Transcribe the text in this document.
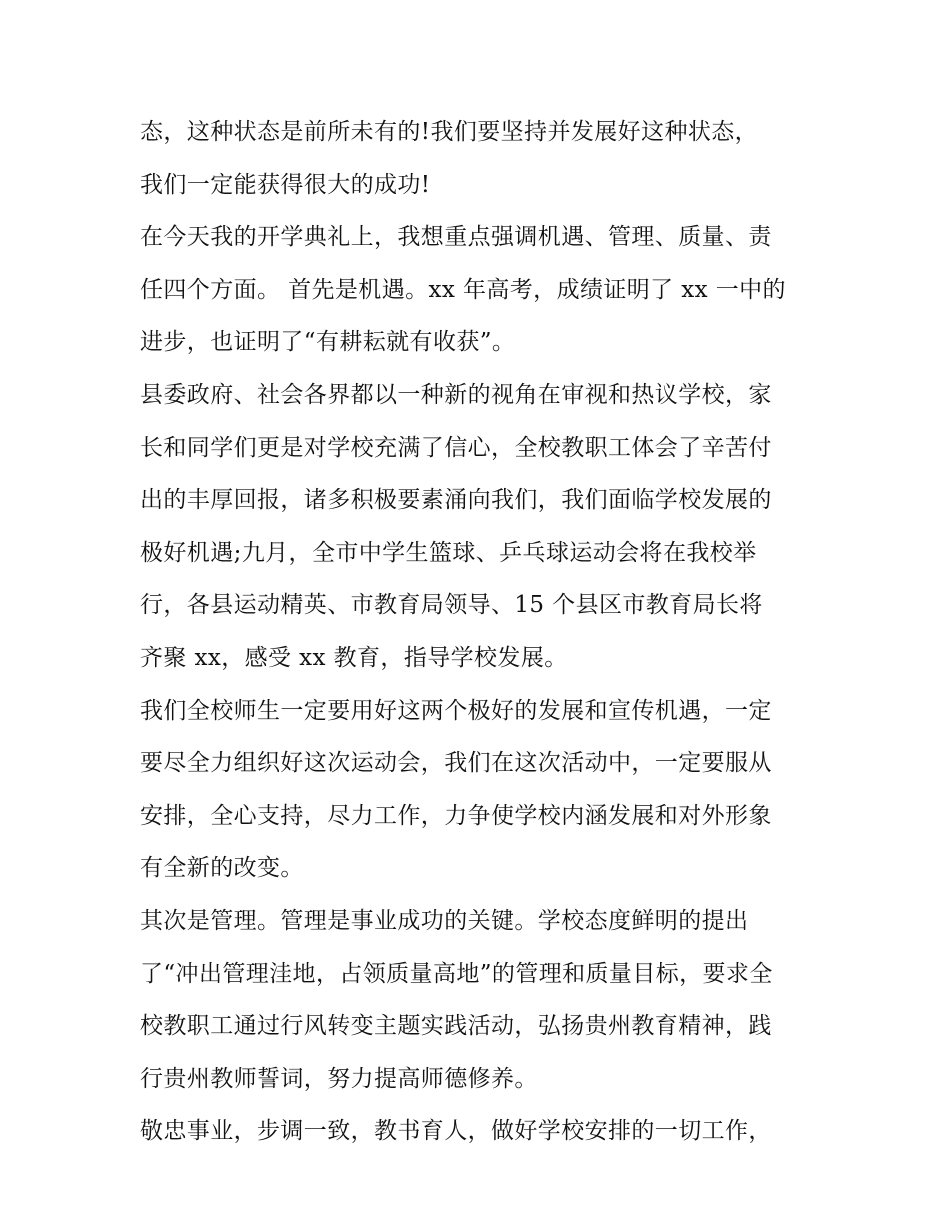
态，这种状态是前所未有的!我们要坚持并发展好这种状态，
我们一定能获得很大的成功!
在今天我的开学典礼上，我想重点强调机遇、管理、质量、责
任四个方面。 首先是机遇。xx 年高考，成绩证明了 xx 一中的
进步，也证明了“有耕耘就有收获”。
县委政府、社会各界都以一种新的视角在审视和热议学校，家
长和同学们更是对学校充满了信心，全校教职工体会了辛苦付
出的丰厚回报，诸多积极要素涌向我们，我们面临学校发展的
极好机遇;九月，全市中学生篮球、乒乓球运动会将在我校举
行，各县运动精英、市教育局领导、15 个县区市教育局长将
齐聚 xx，感受 xx 教育，指导学校发展。
我们全校师生一定要用好这两个极好的发展和宣传机遇，一定
要尽全力组织好这次运动会，我们在这次活动中，一定要服从
安排，全心支持，尽力工作，力争使学校内涵发展和对外形象
有全新的改变。
其次是管理。管理是事业成功的关键。学校态度鲜明的提出
了“冲出管理洼地，占领质量高地”的管理和质量目标，要求全
校教职工通过行风转变主题实践活动，弘扬贵州教育精神，践
行贵州教师誓词，努力提高师德修养。
敬忠事业，步调一致，教书育人，做好学校安排的一切工作，
